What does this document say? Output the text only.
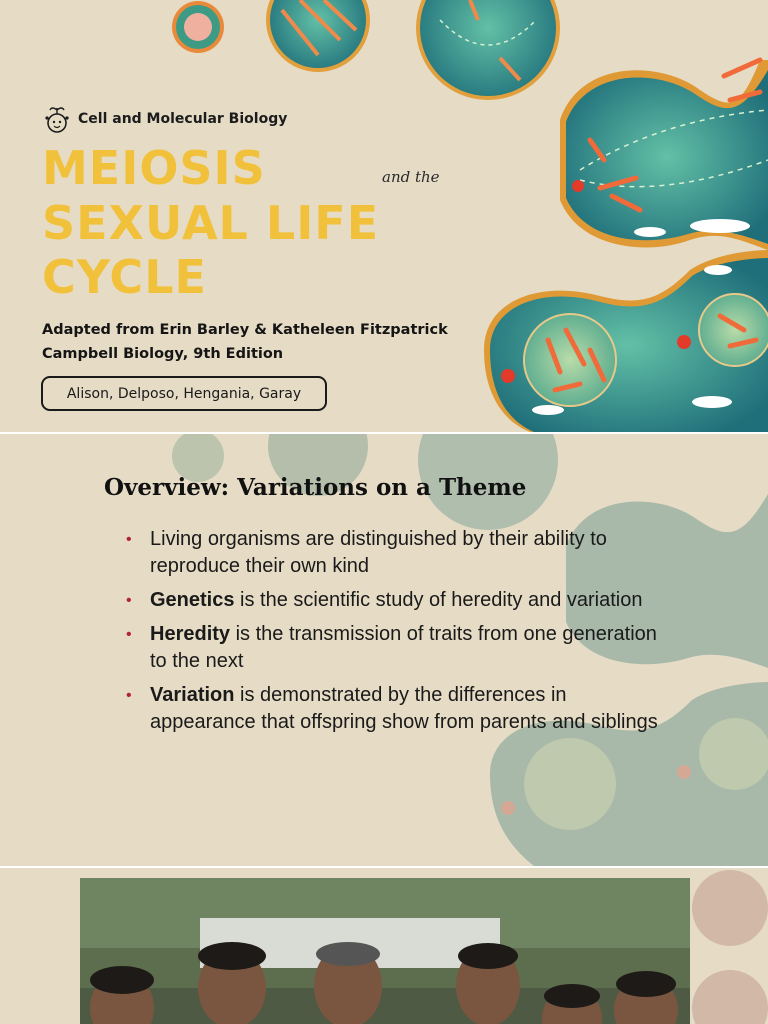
Cell and Molecular Biology
MEIOSIS	and the
SEXUAL LIFE
CYCLE
Adapted from Erin Barley & Katheleen Fitzpatrick
Campbell Biology, 9th Edition
Alison, Delposo, Hengania, Garay
Overview: Variations on a Theme
• Living organisms are distinguished by their ability to reproduce their own kind
• Genetics is the scientific study of heredity and variation
• Heredity is the transmission of traits from one generation to the next
• Variation is demonstrated by the differences in appearance that offspring show from parents and siblings
